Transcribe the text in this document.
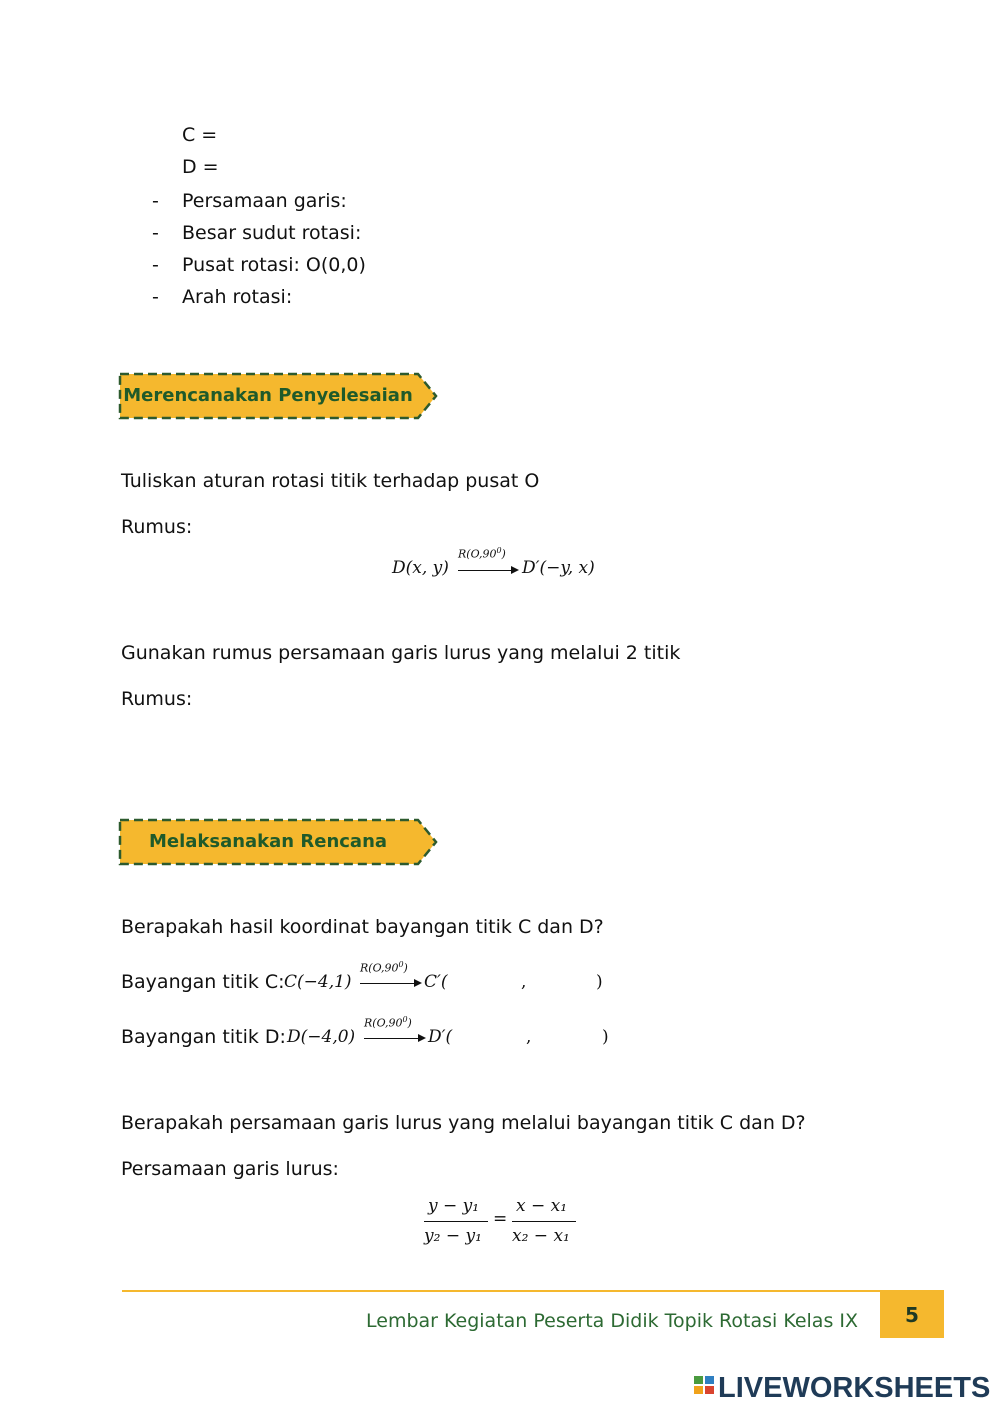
C =
D =
- Persamaan garis:
- Besar sudut rotasi:
- Pusat rotasi: O(0,0)
- Arah rotasi:
Merencanakan Penyelesaian
Tuliskan aturan rotasi titik terhadap pusat O
Rumus:
D(x, y)
$R(O,90^0)$
D′(−y, x)
Gunakan rumus persamaan garis lurus yang melalui 2 titik
Rumus:
Melaksanakan Rencana
Berapakah hasil koordinat bayangan titik C dan D?
Bayangan titik C: C(−4,1)
$R(O,90^0)$
C′(	,	)
Bayangan titik D: D(−4,0)
$R(O,90^0)$
D′(	,	)
Berapakah persamaan garis lurus yang melalui bayangan titik C dan D?
Persamaan garis lurus:
y − y₁
y₂ − y₁
=
x − x₁
x₂ − x₁
Lembar Kegiatan Peserta Didik Topik Rotasi Kelas IX	5
LIVEWORKSHEETS
